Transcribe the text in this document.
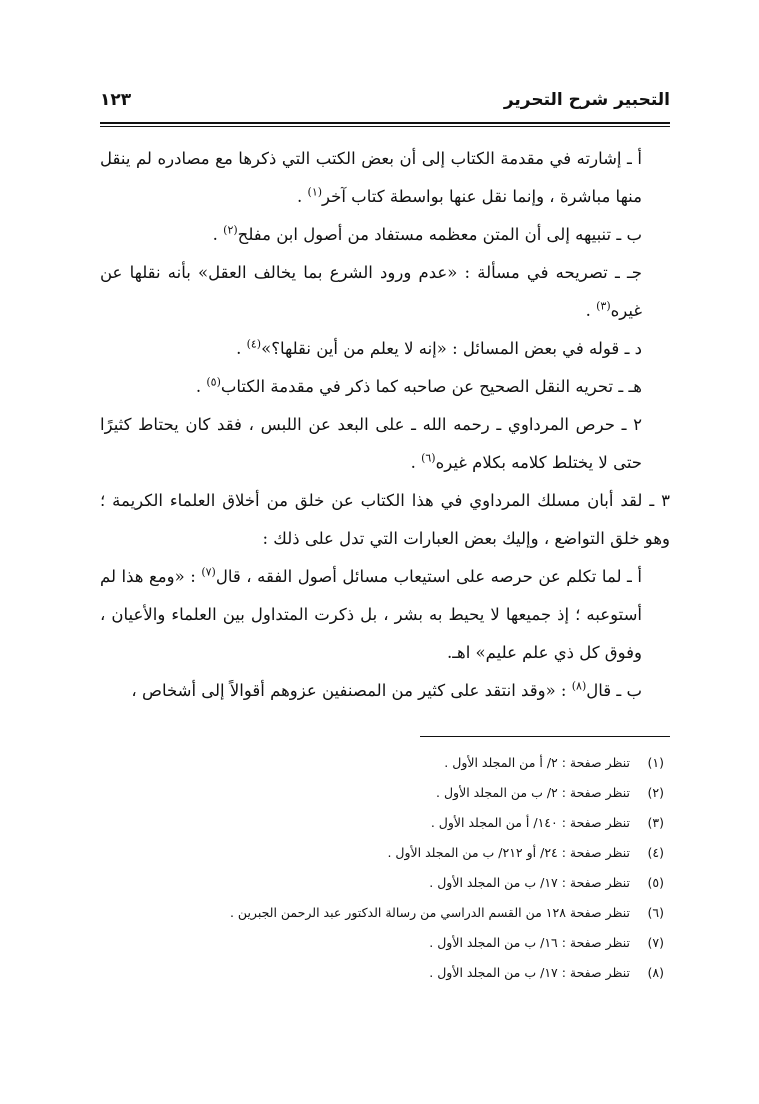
التحبير شرح التحرير
١٢٣

أ ـ إشارته في مقدمة الكتاب إلى أن بعض الكتب التي ذكرها مع مصادره لم ينقل منها مباشرة ، وإنما نقل عنها بواسطة كتاب آخر$^{(١)}$ .

ب ـ تنبيهه إلى أن المتن معظمه مستفاد من أصول ابن مفلح$^{(٢)}$ .

جـ ـ تصريحه في مسألة : «عدم ورود الشرع بما يخالف العقل» بأنه نقلها عن غيره$^{(٣)}$ .

د ـ قوله في بعض المسائل : «إنه لا يعلم من أين نقلها؟»$^{(٤)}$ .

هـ ـ تحريه النقل الصحيح عن صاحبه كما ذكر في مقدمة الكتاب$^{(٥)}$ .

٢ ـ حرص المرداوي ـ رحمه الله ـ على البعد عن اللبس ، فقد كان يحتاط كثيرًا حتى لا يختلط كلامه بكلام غيره$^{(٦)}$ .

٣ ـ لقد أبان مسلك المرداوي في هذا الكتاب عن خلق من أخلاق العلماء الكريمة ؛ وهو خلق التواضع ، وإليك بعض العبارات التي تدل على ذلك :

أ ـ لما تكلم عن حرصه على استيعاب مسائل أصول الفقه ، قال$^{(٧)}$ : «ومع هذا لم أستوعبه ؛ إذ جميعها لا يحيط به بشر ، بل ذكرت المتداول بين العلماء والأعيان ، وفوق كل ذي علم عليم» اهـ.

ب ـ قال$^{(٨)}$ : «وقد انتقد على كثير من المصنفين عزوهم أقوالاً إلى أشخاص ،

(١)تنظر صفحة : ٢/ أ من المجلد الأول .
(٢)تنظر صفحة : ٢/ ب من المجلد الأول .
(٣)تنظر صفحة : ١٤٠/ أ من المجلد الأول .
(٤)تنظر صفحة : ٢٤/ أو ٢١٢/ ب من المجلد الأول .
(٥)تنظر صفحة : ١٧/ ب من المجلد الأول .
(٦)تنظر صفحة ١٢٨ من القسم الدراسي من رسالة الدكتور عبد الرحمن الجبرين .
(٧)تنظر صفحة : ١٦/ ب من المجلد الأول .
(٨)تنظر صفحة : ١٧/ ب من المجلد الأول .
